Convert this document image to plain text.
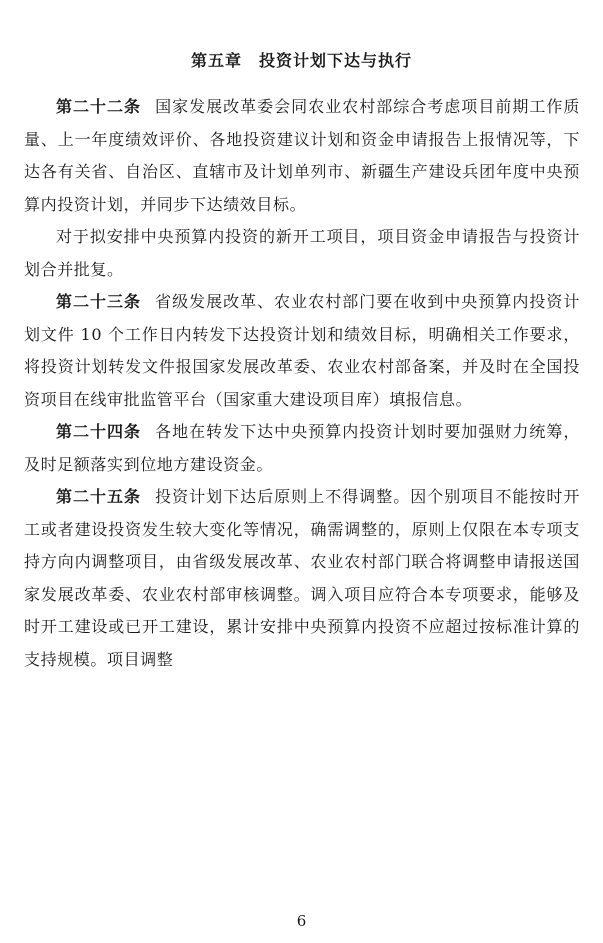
第五章　投资计划下达与执行

第二十二条 国家发展改革委会同农业农村部综合考虑项目前期工作质量、上一年度绩效评价、各地投资建议计划和资金申请报告上报情况等，下达各有关省、自治区、直辖市及计划单列市、新疆生产建设兵团年度中央预算内投资计划，并同步下达绩效目标。

对于拟安排中央预算内投资的新开工项目，项目资金申请报告与投资计划合并批复。

第二十三条 省级发展改革、农业农村部门要在收到中央预算内投资计划文件 10 个工作日内转发下达投资计划和绩效目标，明确相关工作要求，将投资计划转发文件报国家发展改革委、农业农村部备案，并及时在全国投资项目在线审批监管平台（国家重大建设项目库）填报信息。

第二十四条 各地在转发下达中央预算内投资计划时要加强财力统筹，及时足额落实到位地方建设资金。

第二十五条 投资计划下达后原则上不得调整。因个别项目不能按时开工或者建设投资发生较大变化等情况，确需调整的，原则上仅限在本专项支持方向内调整项目，由省级发展改革、农业农村部门联合将调整申请报送国家发展改革委、农业农村部审核调整。调入项目应符合本专项要求，能够及时开工建设或已开工建设，累计安排中央预算内投资不应超过按标准计算的支持规模。项目调整

6
